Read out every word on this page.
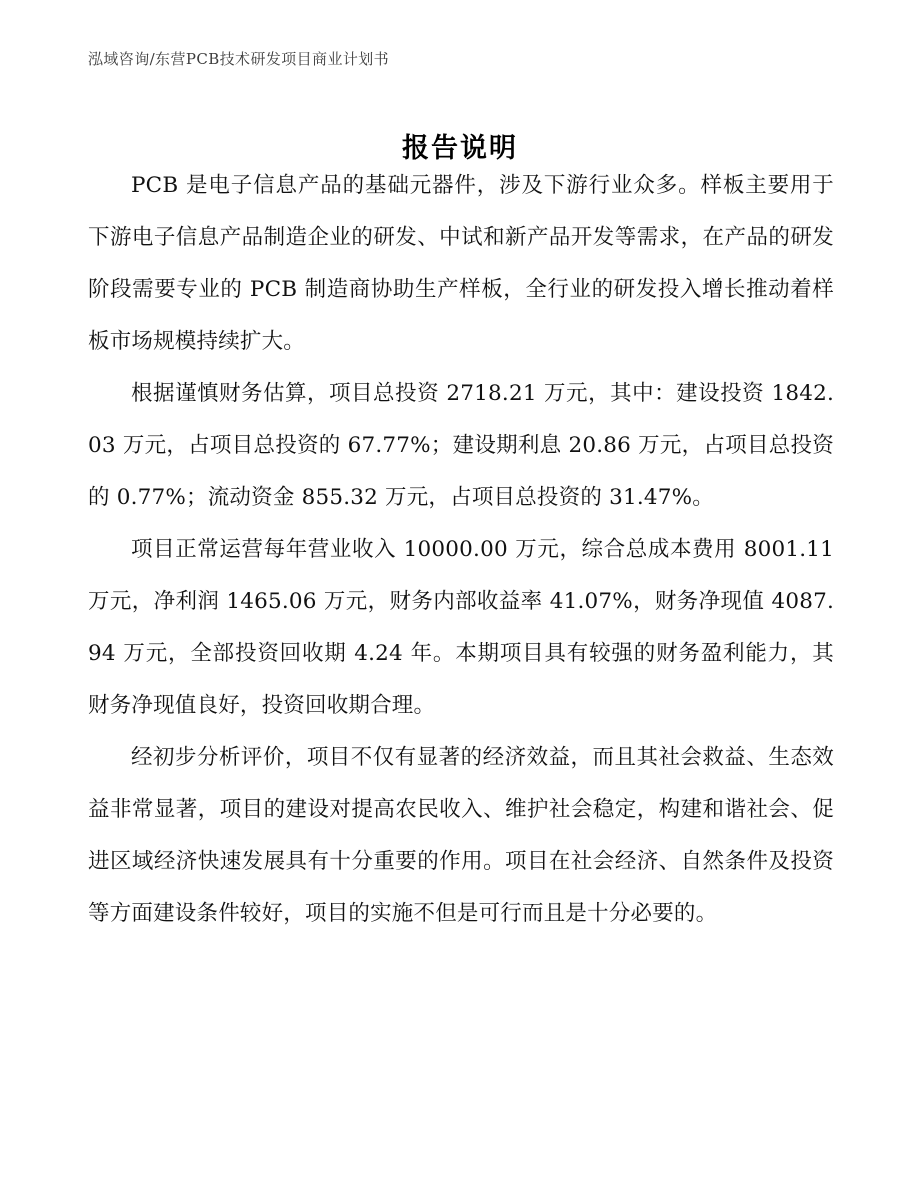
泓域咨询/东营PCB技术研发项目商业计划书
报告说明

PCB 是电子信息产品的基础元器件，涉及下游行业众多。样板主要用于下游电子信息产品制造企业的研发、中试和新产品开发等需求，在产品的研发阶段需要专业的 PCB 制造商协助生产样板，全行业的研发投入增长推动着样板市场规模持续扩大。

根据谨慎财务估算，项目总投资 2718.21 万元，其中：建设投资 1842.03 万元，占项目总投资的 67.77%；建设期利息 20.86 万元，占项目总投资的 0.77%；流动资金 855.32 万元，占项目总投资的 31.47%。

项目正常运营每年营业收入 10000.00 万元，综合总成本费用 8001.11 万元，净利润 1465.06 万元，财务内部收益率 41.07%，财务净现值 4087.94 万元，全部投资回收期 4.24 年。本期项目具有较强的财务盈利能力，其财务净现值良好，投资回收期合理。

经初步分析评价，项目不仅有显著的经济效益，而且其社会救益、生态效益非常显著，项目的建设对提高农民收入、维护社会稳定，构建和谐社会、促进区域经济快速发展具有十分重要的作用。项目在社会经济、自然条件及投资等方面建设条件较好，项目的实施不但是可行而且是十分必要的。
